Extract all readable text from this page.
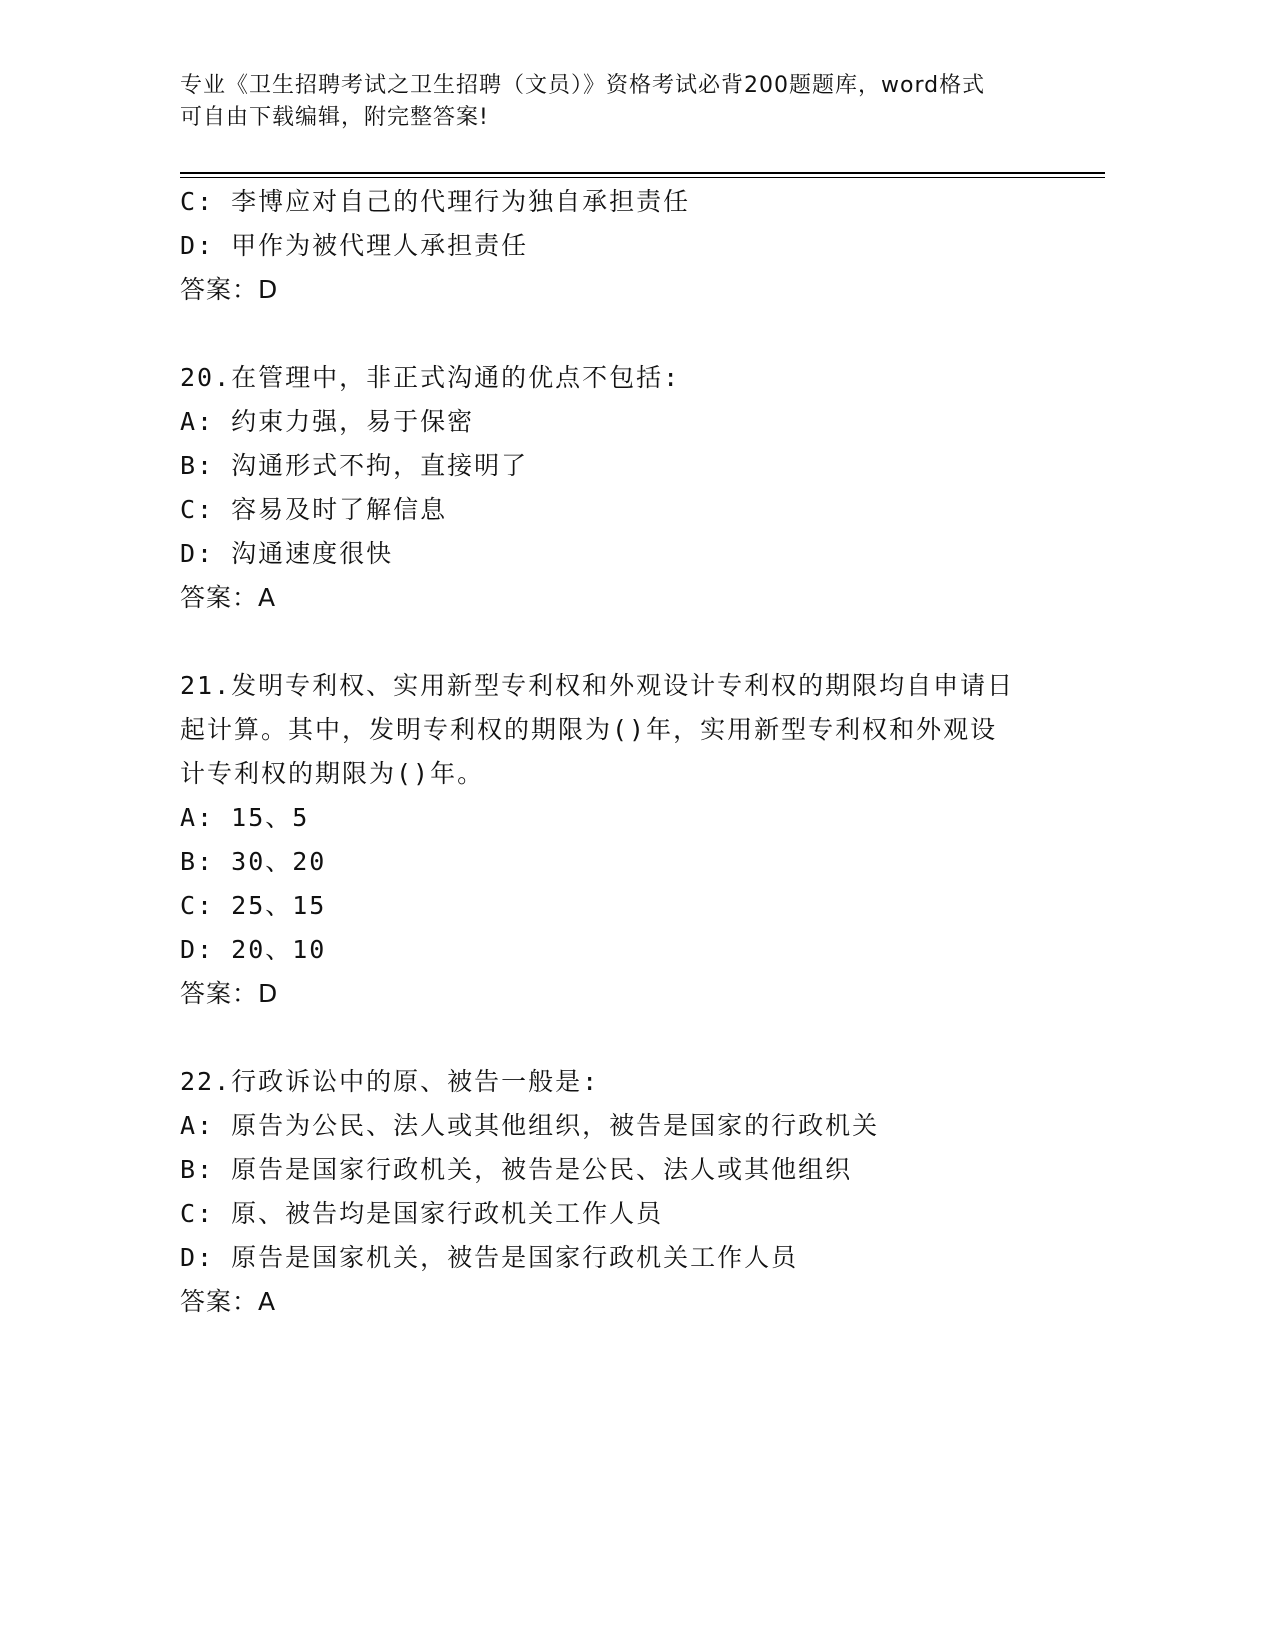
专业《卫生招聘考试之卫生招聘（文员）》资格考试必背200题题库，word格式
可自由下载编辑，附完整答案!
C: 李博应对自己的代理行为独自承担责任
D: 甲作为被代理人承担责任
答案：D
20.在管理中，非正式沟通的优点不包括:
A: 约束力强，易于保密
B: 沟通形式不拘，直接明了
C: 容易及时了解信息
D: 沟通速度很快
答案：A
21.发明专利权、实用新型专利权和外观设计专利权的期限均自申请日
起计算。其中，发明专利权的期限为()年，实用新型专利权和外观设
计专利权的期限为()年。
A: 15、5
B: 30、20
C: 25、15
D: 20、10
答案：D
22.行政诉讼中的原、被告一般是:
A: 原告为公民、法人或其他组织，被告是国家的行政机关
B: 原告是国家行政机关，被告是公民、法人或其他组织
C: 原、被告均是国家行政机关工作人员
D: 原告是国家机关，被告是国家行政机关工作人员
答案：A
